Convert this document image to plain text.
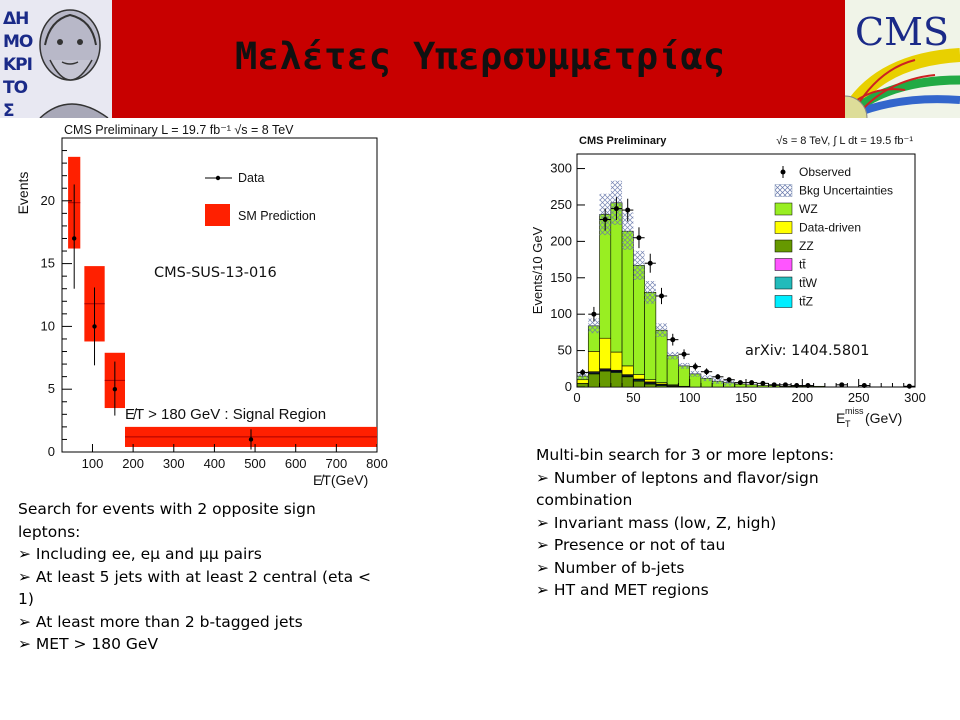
ΔΗΜΟΚΡΙΤΟΣ
CMS
Μελέτες Υπερσυμμετρίας
100 200 300 400 500 600 700 800
0
5
10
15
20
CMS Preliminary L = 19.7 fb⁻¹ √s = 8 TeV
Events
E̸T(GeV)
Data
SM Prediction
CMS-SUS-13-016
E̸T > 180 GeV : Signal Region
0	50	100	150	200	250	300
0
50
100
150
200
250
300
CMS Preliminary	√s = 8 TeV, ∫ L dt = 19.5 fb⁻¹
Events/10 GeV
E T
miss (GeV)
Observed
Bkg Uncertainties
WZ
Data-driven
ZZ
tt̄
tt̄W
tt̄Z
arXiv: 1404.5801
Search for events with 2 opposite sign leptons:
➢ Including ee, eμ and μμ pairs
➢ At least 5 jets with at least 2 central (eta < 1)
➢ At least more than 2 b-tagged jets
➢ MET > 180 GeV
Multi-bin search for 3 or more leptons:
➢ Number of leptons and flavor/sign combination
➢ Invariant mass (low, Z, high)
➢ Presence or not of tau
➢ Number of b-jets
➢ HT and MET regions
